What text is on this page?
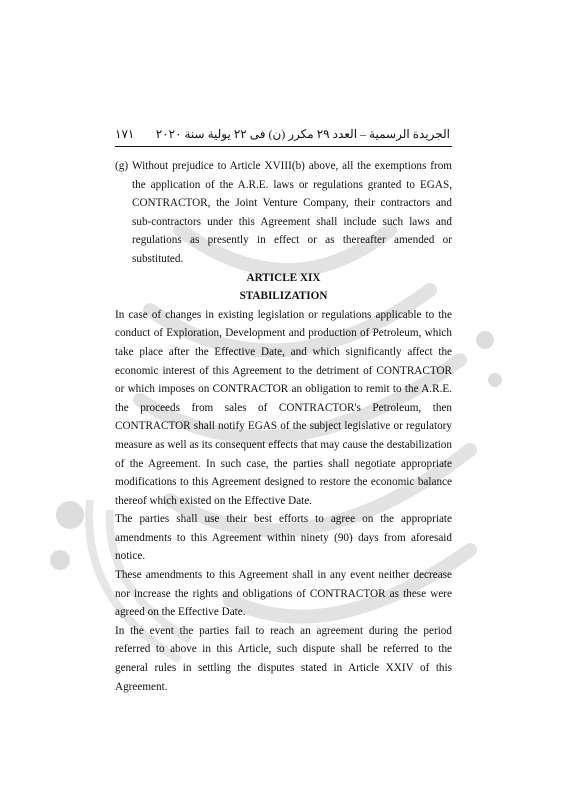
١٧١ الجريدة الرسمية – العدد ٢٩ مكرر (ن) فى ٢٢ يولية سنة ٢٠٢٠

(g) Without prejudice to Article XVIII(b) above, all the exemptions from the application of the A.R.E. laws or regulations granted to EGAS, CONTRACTOR, the Joint Venture Company, their contractors and sub-contractors under this Agreement shall include such laws and regulations as presently in effect or as thereafter amended or substituted.

ARTICLE XIX

STABILIZATION

In case of changes in existing legislation or regulations applicable to the conduct of Exploration, Development and production of Petroleum, which take place after the Effective Date, and which significantly affect the economic interest of this Agreement to the detriment of CONTRACTOR or which imposes on CONTRACTOR an obligation to remit to the A.R.E. the proceeds from sales of CONTRACTOR's Petroleum, then CONTRACTOR shall notify EGAS of the subject legislative or regulatory measure as well as its consequent effects that may cause the destabilization of the Agreement. In such case, the parties shall negotiate appropriate modifications to this Agreement designed to restore the economic balance thereof which existed on the Effective Date.

The parties shall use their best efforts to agree on the appropriate amendments to this Agreement within ninety (90) days from aforesaid notice.

These amendments to this Agreement shall in any event neither decrease nor increase the rights and obligations of CONTRACTOR as these were agreed on the Effective Date.

In the event the parties fail to reach an agreement during the period referred to above in this Article, such dispute shall be referred to the general rules in settling the disputes stated in Article XXIV of this Agreement.
